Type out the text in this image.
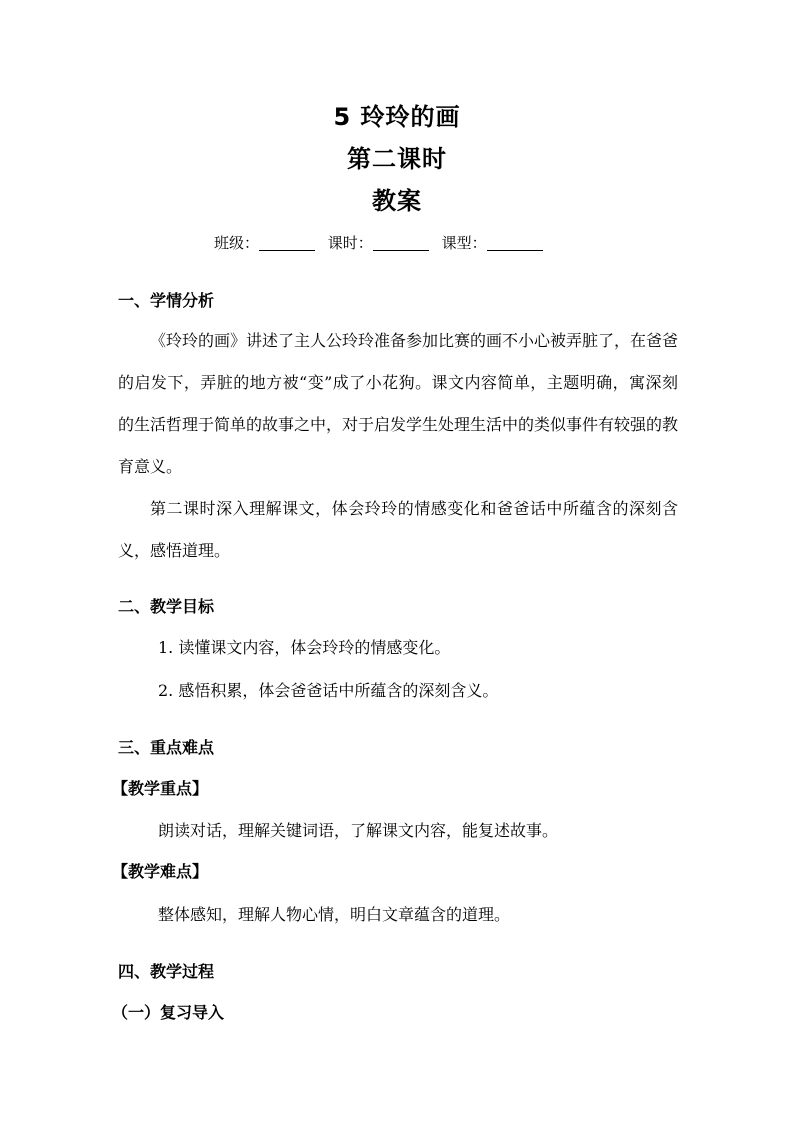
5 玲玲的画
第二课时
教案
班级：	课时：	课型：
一、学情分析
《玲玲的画》讲述了主人公玲玲准备参加比赛的画不小心被弄脏了，在爸爸的启发下，弄脏的地方被“变”成了小花狗。课文内容简单，主题明确，寓深刻的生活哲理于简单的故事之中，对于启发学生处理生活中的类似事件有较强的教育意义。
第二课时深入理解课文，体会玲玲的情感变化和爸爸话中所蕴含的深刻含义，感悟道理。
二、教学目标
1. 读懂课文内容，体会玲玲的情感变化。
2. 感悟积累，体会爸爸话中所蕴含的深刻含义。
三、重点难点
【教学重点】
朗读对话，理解关键词语，了解课文内容，能复述故事。
【教学难点】
整体感知，理解人物心情，明白文章蕴含的道理。
四、教学过程
（一）复习导入
